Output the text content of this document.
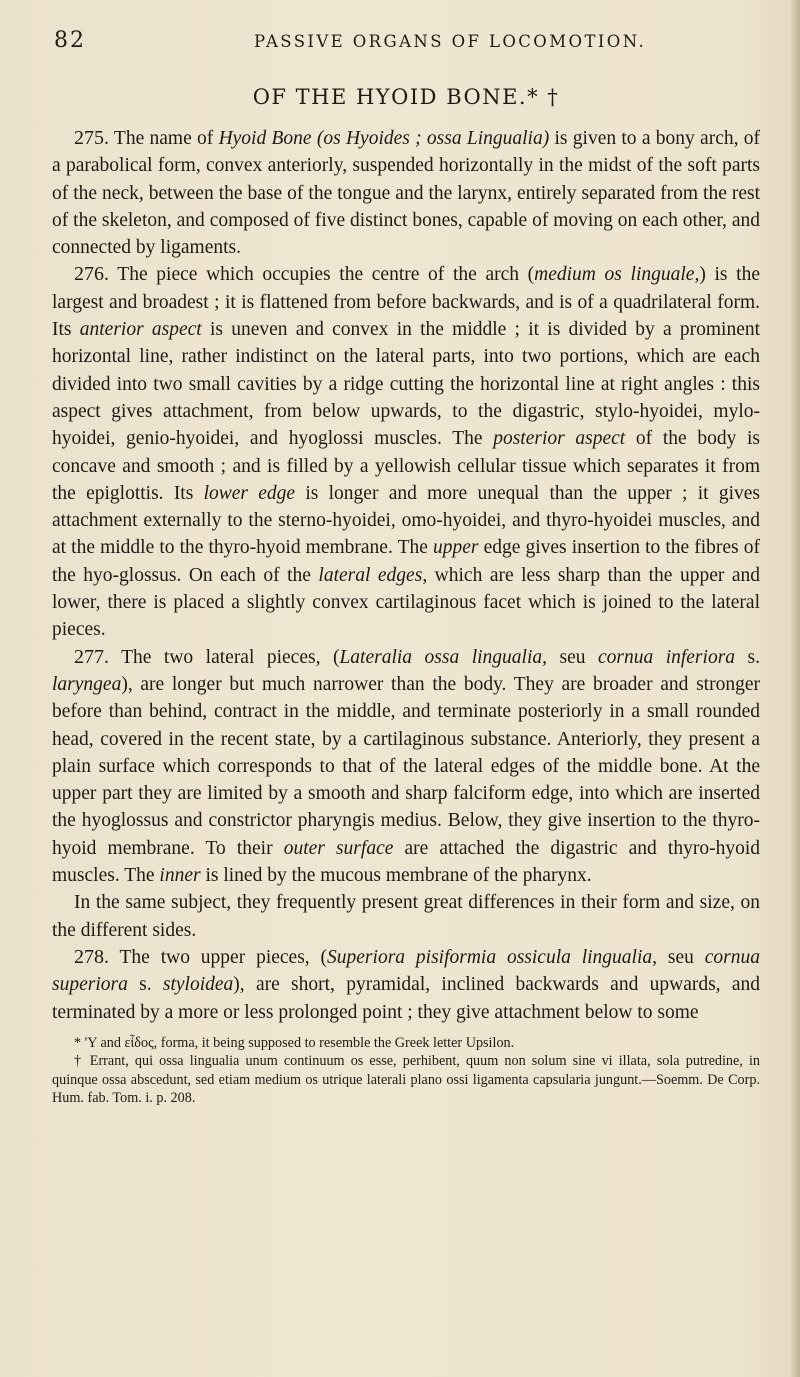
82	PASSIVE ORGANS OF LOCOMOTION.
OF THE HYOID BONE.* †

275. The name of Hyoid Bone (os Hyoides ; ossa Lingualia) is given to a bony arch, of a parabolical form, convex anteriorly, suspended horizontally in the midst of the soft parts of the neck, between the base of the tongue and the larynx, entirely separated from the rest of the skeleton, and composed of five distinct bones, capable of moving on each other, and connected by ligaments.

276. The piece which occupies the centre of the arch (medium os linguale,) is the largest and broadest ; it is flattened from before backwards, and is of a quadrilateral form. Its anterior aspect is uneven and convex in the middle ; it is divided by a prominent horizontal line, rather indistinct on the lateral parts, into two portions, which are each divided into two small cavities by a ridge cutting the horizontal line at right angles : this aspect gives attachment, from below upwards, to the digastric, stylo-hyoidei, mylo-hyoidei, genio-hyoidei, and hyoglossi muscles. The posterior aspect of the body is concave and smooth ; and is filled by a yellowish cellular tissue which separates it from the epiglottis. Its lower edge is longer and more unequal than the upper ; it gives attachment externally to the sterno-hyoidei, omo-hyoidei, and thyro-hyoidei muscles, and at the middle to the thyro-hyoid membrane. The upper edge gives insertion to the fibres of the hyo-glossus. On each of the lateral edges, which are less sharp than the upper and lower, there is placed a slightly convex cartilaginous facet which is joined to the lateral pieces.

277. The two lateral pieces, (Lateralia ossa lingualia, seu cornua inferiora s. laryngea), are longer but much narrower than the body. They are broader and stronger before than behind, contract in the middle, and terminate posteriorly in a small rounded head, covered in the recent state, by a cartilaginous substance. Anteriorly, they present a plain surface which corresponds to that of the lateral edges of the middle bone. At the upper part they are limited by a smooth and sharp falciform edge, into which are inserted the hyoglossus and constrictor pharyngis medius. Below, they give insertion to the thyro-hyoid membrane. To their outer surface are attached the digastric and thyro-hyoid muscles. The inner is lined by the mucous membrane of the pharynx.

In the same subject, they frequently present great differences in their form and size, on the different sides.

278. The two upper pieces, (Superiora pisiformia ossicula lingualia, seu cornua superiora s. styloidea), are short, pyramidal, inclined backwards and upwards, and terminated by a more or less prolonged point ; they give attachment below to some

* 'Υ and εἶδος, forma, it being supposed to resemble the Greek letter Upsilon.

† Errant, qui ossa lingualia unum continuum os esse, perhibent, quum non solum sine vi illata, sola putredine, in quinque ossa abscedunt, sed etiam medium os utrique laterali plano ossi ligamenta capsularia jungunt.—Soemm. De Corp. Hum. fab. Tom. i. p. 208.
